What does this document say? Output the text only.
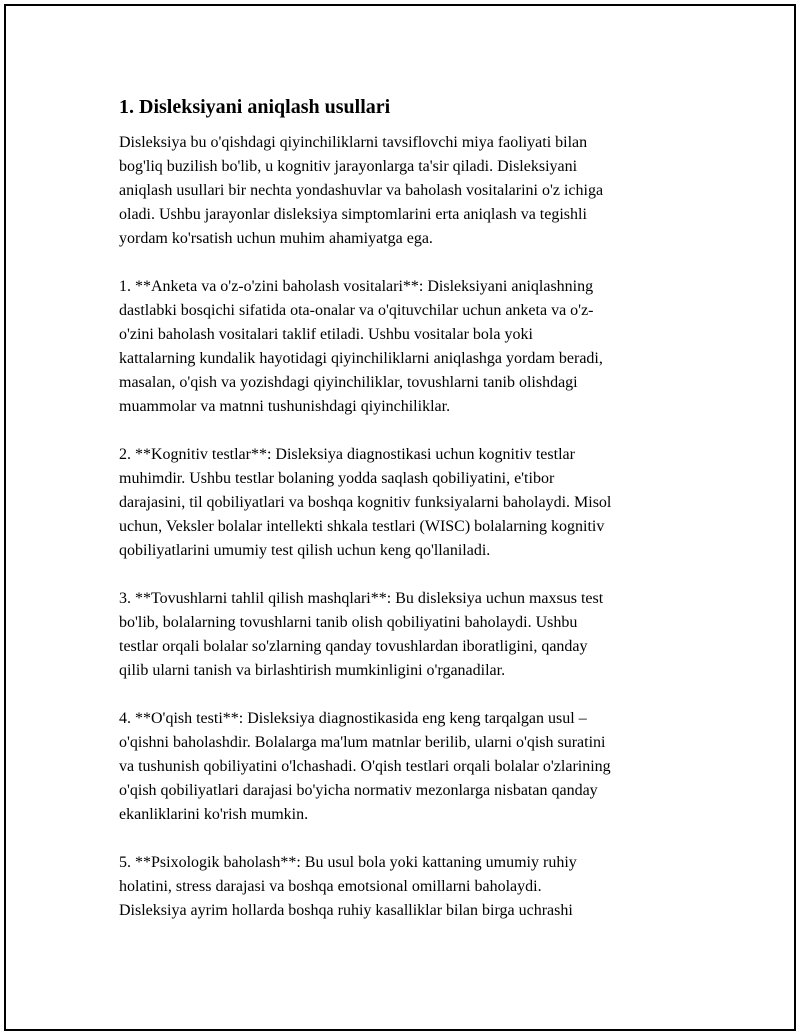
1. Disleksiyani aniqlash usullari

Disleksiya bu o'qishdagi qiyinchiliklarni tavsiflovchi miya faoliyati bilan
bog'liq buzilish bo'lib, u kognitiv jarayonlarga ta'sir qiladi. Disleksiyani
aniqlash usullari bir nechta yondashuvlar va baholash vositalarini o'z ichiga
oladi. Ushbu jarayonlar disleksiya simptomlarini erta aniqlash va tegishli
yordam ko'rsatish uchun muhim ahamiyatga ega.

1. **Anketa va o'z-o'zini baholash vositalari**: Disleksiyani aniqlashning
dastlabki bosqichi sifatida ota-onalar va o'qituvchilar uchun anketa va o'z-
o'zini baholash vositalari taklif etiladi. Ushbu vositalar bola yoki
kattalarning kundalik hayotidagi qiyinchiliklarni aniqlashga yordam beradi,
masalan, o'qish va yozishdagi qiyinchiliklar, tovushlarni tanib olishdagi
muammolar va matnni tushunishdagi qiyinchiliklar.

2. **Kognitiv testlar**: Disleksiya diagnostikasi uchun kognitiv testlar
muhimdir. Ushbu testlar bolaning yodda saqlash qobiliyatini, e'tibor
darajasini, til qobiliyatlari va boshqa kognitiv funksiyalarni baholaydi. Misol
uchun, Veksler bolalar intellekti shkala testlari (WISC) bolalarning kognitiv
qobiliyatlarini umumiy test qilish uchun keng qo'llaniladi.

3. **Tovushlarni tahlil qilish mashqlari**: Bu disleksiya uchun maxsus test
bo'lib, bolalarning tovushlarni tanib olish qobiliyatini baholaydi. Ushbu
testlar orqali bolalar so'zlarning qanday tovushlardan iboratligini, qanday
qilib ularni tanish va birlashtirish mumkinligini o'rganadilar.

4. **O'qish testi**: Disleksiya diagnostikasida eng keng tarqalgan usul –
o'qishni baholashdir. Bolalarga ma'lum matnlar berilib, ularni o'qish suratini
va tushunish qobiliyatini o'lchashadi. O'qish testlari orqali bolalar o'zlarining
o'qish qobiliyatlari darajasi bo'yicha normativ mezonlarga nisbatan qanday
ekanliklarini ko'rish mumkin.

5. **Psixologik baholash**: Bu usul bola yoki kattaning umumiy ruhiy
holatini, stress darajasi va boshqa emotsional omillarni baholaydi.
Disleksiya ayrim hollarda boshqa ruhiy kasalliklar bilan birga uchrashi
